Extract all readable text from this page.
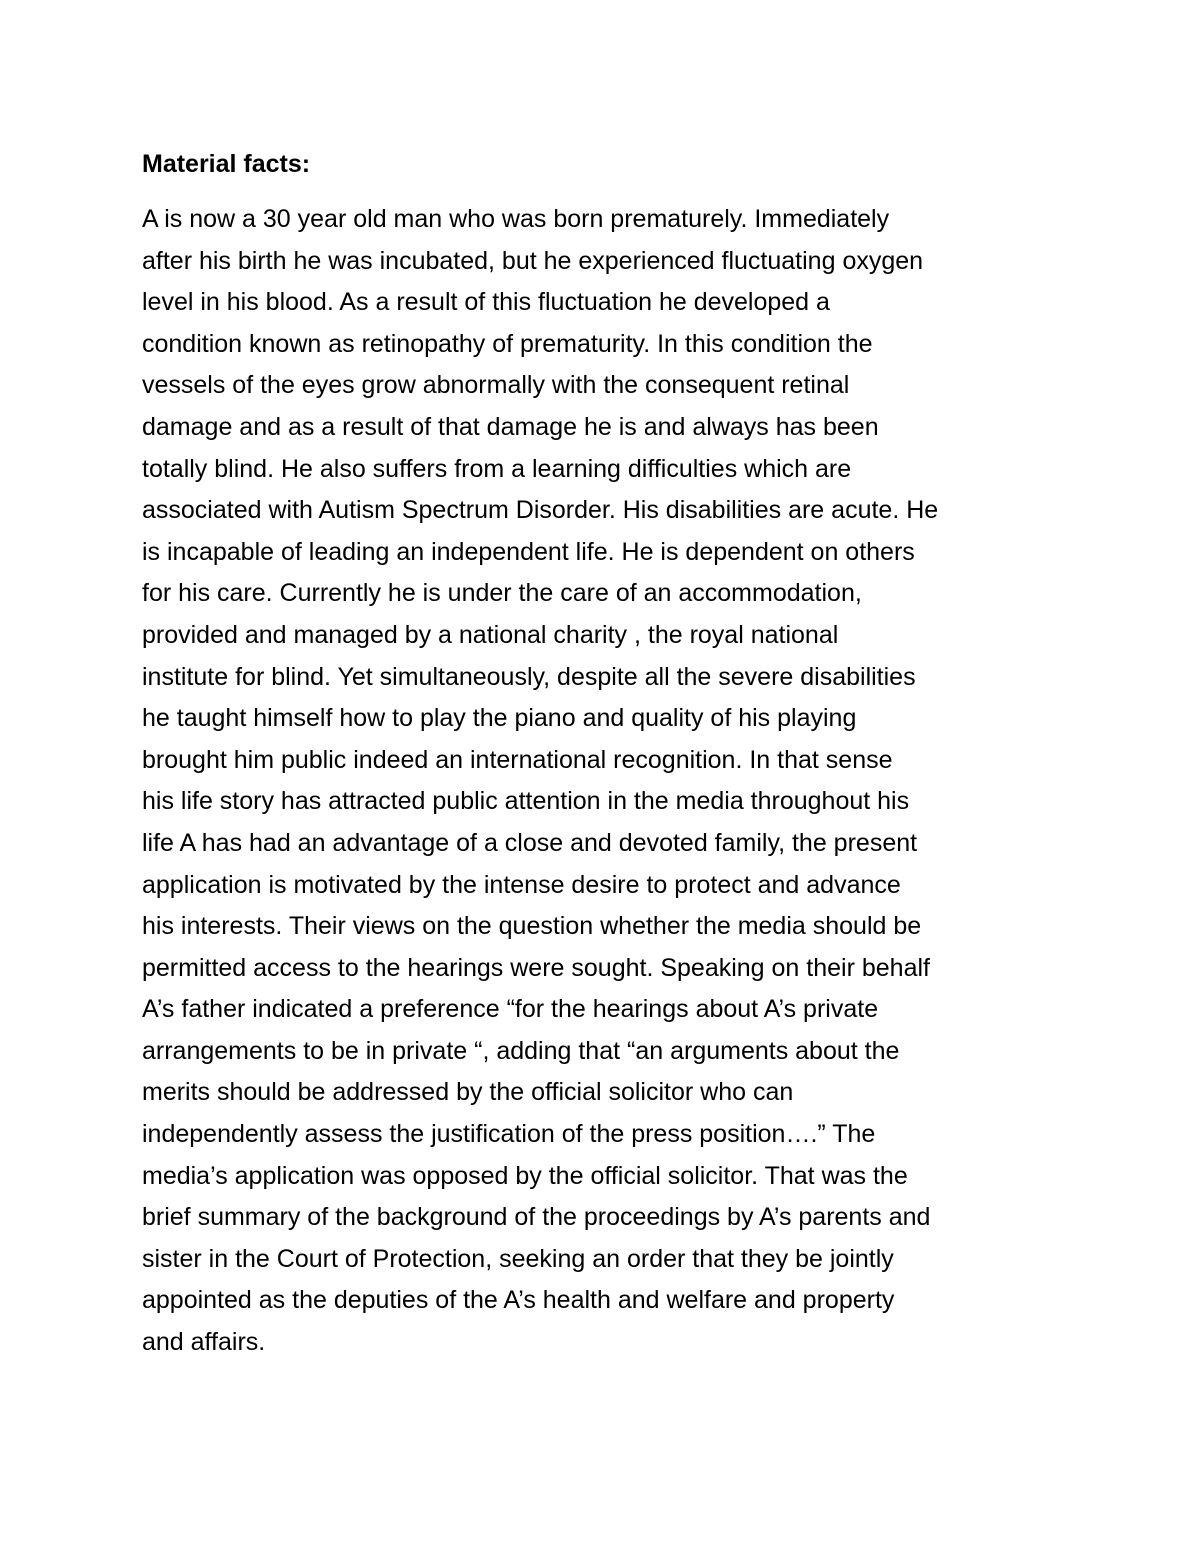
Material facts:
A is now a 30 year old man who was born prematurely. Immediately
after his birth he was incubated, but he experienced fluctuating oxygen
level in his blood. As a result of this fluctuation he developed a
condition known as retinopathy of prematurity. In this condition the
vessels of the eyes grow abnormally with the consequent retinal
damage and as a result of that damage he is and always has been
totally blind. He also suffers from a learning difficulties which are
associated with Autism Spectrum Disorder. His disabilities are acute. He
is incapable of leading an independent life. He is dependent on others
for his care. Currently he is under the care of an accommodation,
provided and managed by a national charity , the royal national
institute for blind. Yet simultaneously, despite all the severe disabilities
he taught himself how to play the piano and quality of his playing
brought him public indeed an international recognition. In that sense
his life story has attracted public attention in the media throughout his
life A has had an advantage of a close and devoted family, the present
application is motivated by the intense desire to protect and advance
his interests. Their views on the question whether the media should be
permitted access to the hearings were sought. Speaking on their behalf
A’s father indicated a preference “for the hearings about A’s private
arrangements to be in private “, adding that “an arguments about the
merits should be addressed by the official solicitor who can
independently assess the justification of the press position….” The
media’s application was opposed by the official solicitor. That was the
brief summary of the background of the proceedings by A’s parents and
sister in the Court of Protection, seeking an order that they be jointly
appointed as the deputies of the A’s health and welfare and property
and affairs.
